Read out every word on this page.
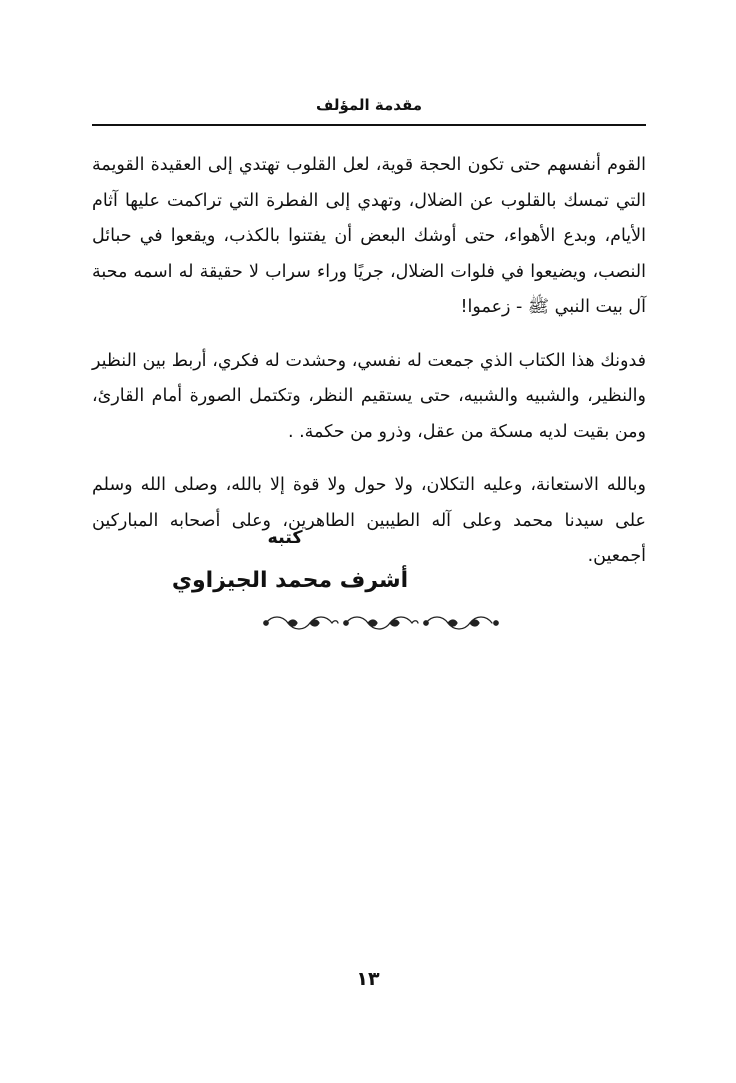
مقدمة المؤلف

القوم أنفسهم حتى تكون الحجة قوية، لعل القلوب تهتدي إلى العقيدة القويمة التي تمسك بالقلوب عن الضلال، وتهدي إلى الفطرة التي تراكمت عليها آثام الأيام، وبدع الأهواء، حتى أوشك البعض أن يفتنوا بالكذب، ويقعوا في حبائل النصب، ويضيعوا في فلوات الضلال، جريًا وراء سراب لا حقيقة له اسمه محبة آل بيت النبي ﷺ - زعموا!

فدونك هذا الكتاب الذي جمعت له نفسي، وحشدت له فكري، أربط بين النظير والنظير، والشبيه والشبيه، حتى يستقيم النظر، وتكتمل الصورة أمام القارئ، ومن بقيت لديه مسكة من عقل، وذرو من حكمة. .

وبالله الاستعانة، وعليه التكلان، ولا حول ولا قوة إلا بالله، وصلى الله وسلم على سيدنا محمد وعلى آله الطيبين الطاهرين، وعلى أصحابه المباركين أجمعين.

كتبه
أشرف محمد الجيزاوي
١٣
